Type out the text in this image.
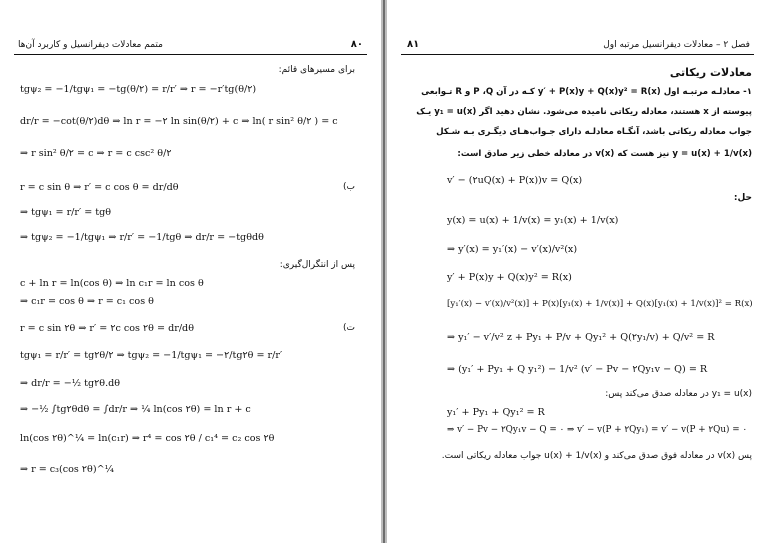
۸۰
متمم معادلات دیفرانسیل و کاربرد آن‌ها
برای مسیرهای قائم:
tgψ₂ = −1/tgψ₁ = −tg(θ/۲) = r/r′ ⇒ r = −r′tg(θ/۲)
dr/r = −cot(θ/۲)dθ ⇒ ln r = −۲ ln sin(θ/۲) + c ⇒ ln( r sin² θ/۲ ) = c
⇒ r sin² θ/۲ = c ⇒ r = c csc² θ/۲
ب)
r = c sin θ ⇒ r′ = c cos θ = dr/dθ
⇒ tgψ₁ = r/r′ = tgθ
⇒ tgψ₂ = −1/tgψ₁ ⇒ r/r′ = −1/tgθ ⇒ dr/r = −tgθdθ
پس از انتگرال‌گیری:
c + ln r = ln(cos θ) ⇒ ln c₁r = ln cos θ
⇒ c₁r = cos θ ⇒ r = c₁ cos θ
ت)
r = c sin ۲θ ⇒ r′ = ۲c cos ۲θ = dr/dθ
tgψ₁ = r/r′ = tg۲θ/۲ ⇒ tgψ₂ = −1/tgψ₁ = −۲/tg۲θ = r/r′
⇒ dr/r = −½ tg۲θ.dθ
⇒ −½ ∫tg۲θdθ = ∫dr/r ⇒ ¼ ln(cos ۲θ) = ln r + c
ln(cos ۲θ)^¼ = ln(c₁r) ⇒ r⁴ = cos ۲θ / c₁⁴ = c₂ cos ۲θ
⇒ r = c₃(cos ۲θ)^¼
۸۱	فصل ۲ – معادلات دیفرانسیل مرتبه اول
معادلات ریکاتی
۱- معادلـه مرتبـه اول y′ + P(x)y + Q(x)y² = R(x) کـه در آن P ،Q و R تـوابعی
پیوسته از x هستند، معادله ریکاتی نامیده می‌شود. نشان دهید اگر y₁ = u(x) یـک
جواب معادله ریکاتی باشد، آنگـاه معادلـه دارای جـواب‌هـای دیگـری بـه شـکل
y = u(x) + 1/v(x) نیز هست که v(x) در معادله خطی زیر صادق است:
v′ − (۲uQ(x) + P(x))v = Q(x)
حل:
y(x) = u(x) + 1/v(x) = y₁(x) + 1/v(x)
⇒ y′(x) = y₁′(x) − v′(x)/v²(x)
y′ + P(x)y + Q(x)y² = R(x)
[y₁′(x) − v′(x)/v²(x)] + P(x)[y₁(x) + 1/v(x)] + Q(x)[y₁(x) + 1/v(x)]² = R(x)
⇒ y₁′ − v′/v² z + Py₁ + P/v + Qy₁² + Q(۲y₁/v) + Q/v² = R
⇒ (y₁′ + Py₁ + Q y₁²) − 1/v² (v′ − Pv − ۲Qy₁v − Q) = R
y₁ = u(x) در معادله صدق می‌کند پس:
y₁′ + Py₁ + Qy₁² = R
⇒ v′ − Pv − ۲Qy₁v − Q = ۰ ⇒ v′ − v(P + ۲Qy₁) = v′ − v(P + ۲Qu) = ۰
پس v(x) در معادله فوق صدق می‌کند و u(x) + 1/v(x) جواب معادله ریکاتی است.
